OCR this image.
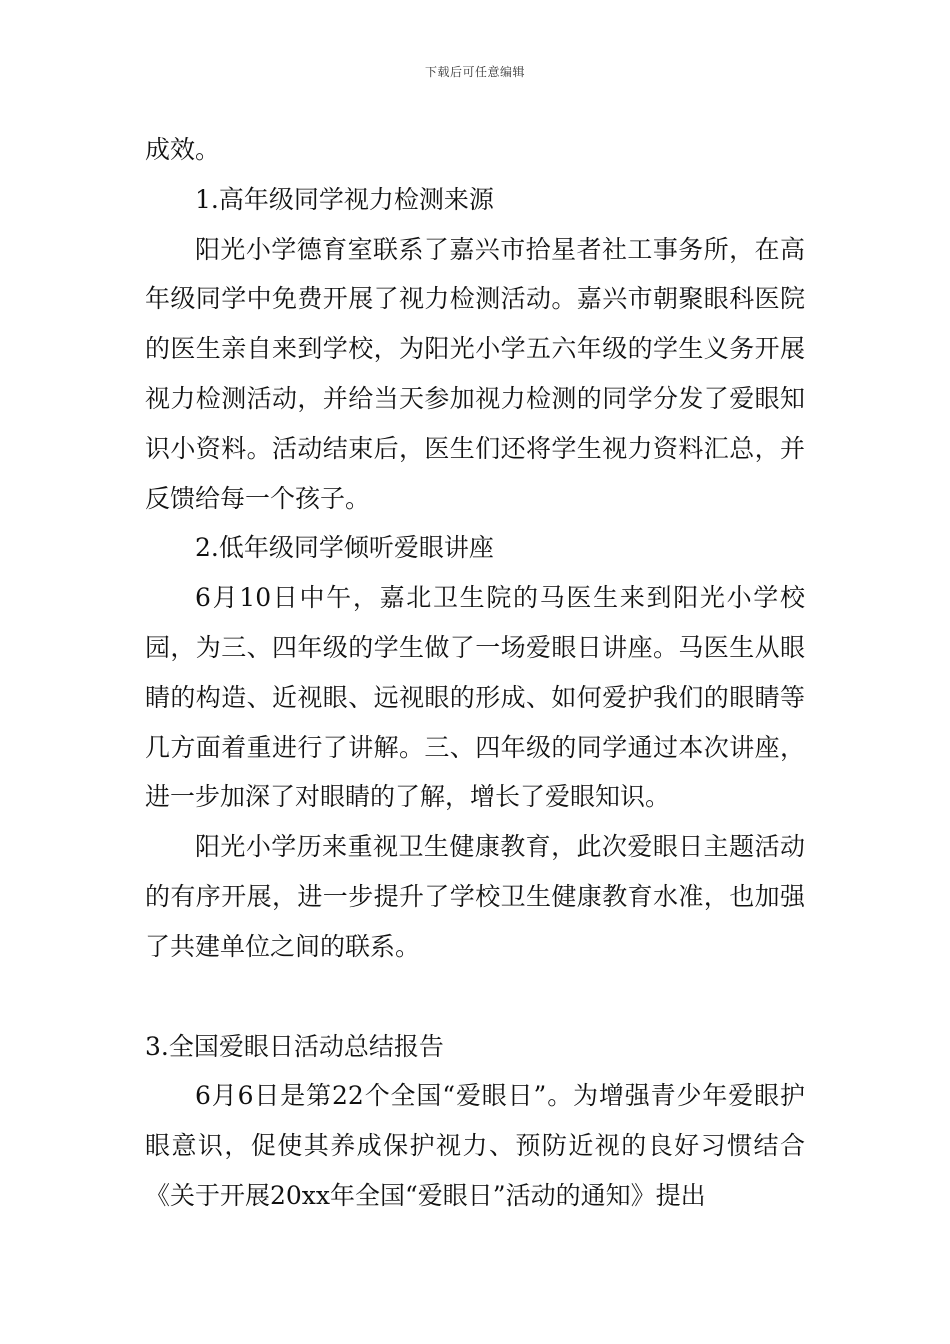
下载后可任意编辑

成效。

1.高年级同学视力检测来源

阳光小学德育室联系了嘉兴市拾星者社工事务所，在高年级同学中免费开展了视力检测活动。嘉兴市朝聚眼科医院的医生亲自来到学校，为阳光小学五六年级的学生义务开展视力检测活动，并给当天参加视力检测的同学分发了爱眼知识小资料。活动结束后，医生们还将学生视力资料汇总，并反馈给每一个孩子。

2.低年级同学倾听爱眼讲座

6月10日中午，嘉北卫生院的马医生来到阳光小学校园，为三、四年级的学生做了一场爱眼日讲座。马医生从眼睛的构造、近视眼、远视眼的形成、如何爱护我们的眼睛等几方面着重进行了讲解。三、四年级的同学通过本次讲座，进一步加深了对眼睛的了解，增长了爱眼知识。

阳光小学历来重视卫生健康教育，此次爱眼日主题活动的有序开展，进一步提升了学校卫生健康教育水准，也加强了共建单位之间的联系。

3.全国爱眼日活动总结报告

6月6日是第22个全国“爱眼日”。为增强青少年爱眼护眼意识，促使其养成保护视力、预防近视的良好习惯结合《关于开展20xx年全国“爱眼日”活动的通知》提出
